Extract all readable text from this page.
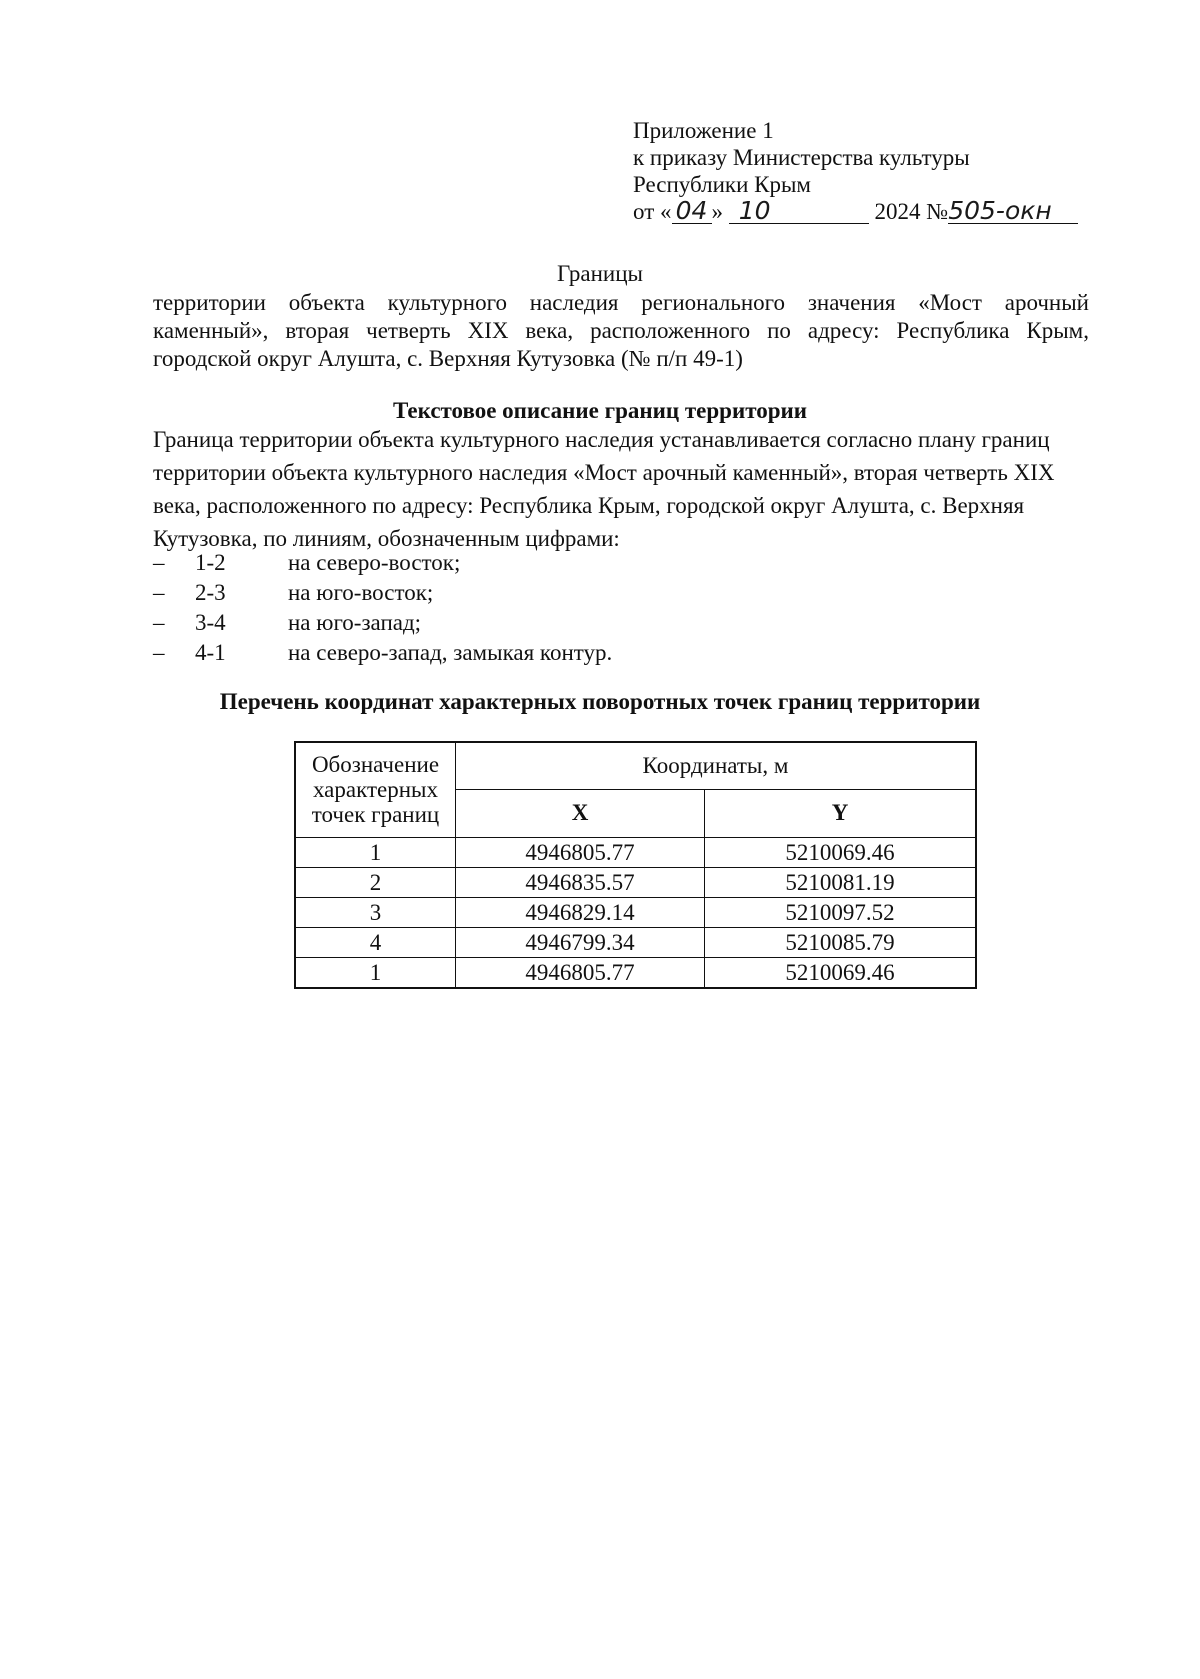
Приложение 1
к приказу Министерства культуры
Республики Крым
от « 04 » 10	2024 №505-окн
Границы
территории объекта культурного наследия регионального значения «Мост арочный каменный», вторая четверть XIX века, расположенного по адресу: Республика Крым, городской округ Алушта, с. Верхняя Кутузовка (№ п/п 49-1)
Текстовое описание границ территории
Граница территории объекта культурного наследия устанавливается согласно плану границ территории объекта культурного наследия «Мост арочный каменный», вторая четверть XIX века, расположенного по адресу: Республика Крым, городской округ Алушта, с. Верхняя Кутузовка, по линиям, обозначенным цифрами:
– 1-2	на северо-восток;
– 2-3	на юго-восток;
– 3-4	на юго-запад;
– 4-1	на северо-запад, замыкая контур.
Перечень координат характерных поворотных точек границ территории
Обозначение характерных точек границ	Координаты, м	
	X	Y
1	4946805.77	5210069.46
2	4946835.57	5210081.19
3	4946829.14	5210097.52
4	4946799.34	5210085.79
1	4946805.77	5210069.46
